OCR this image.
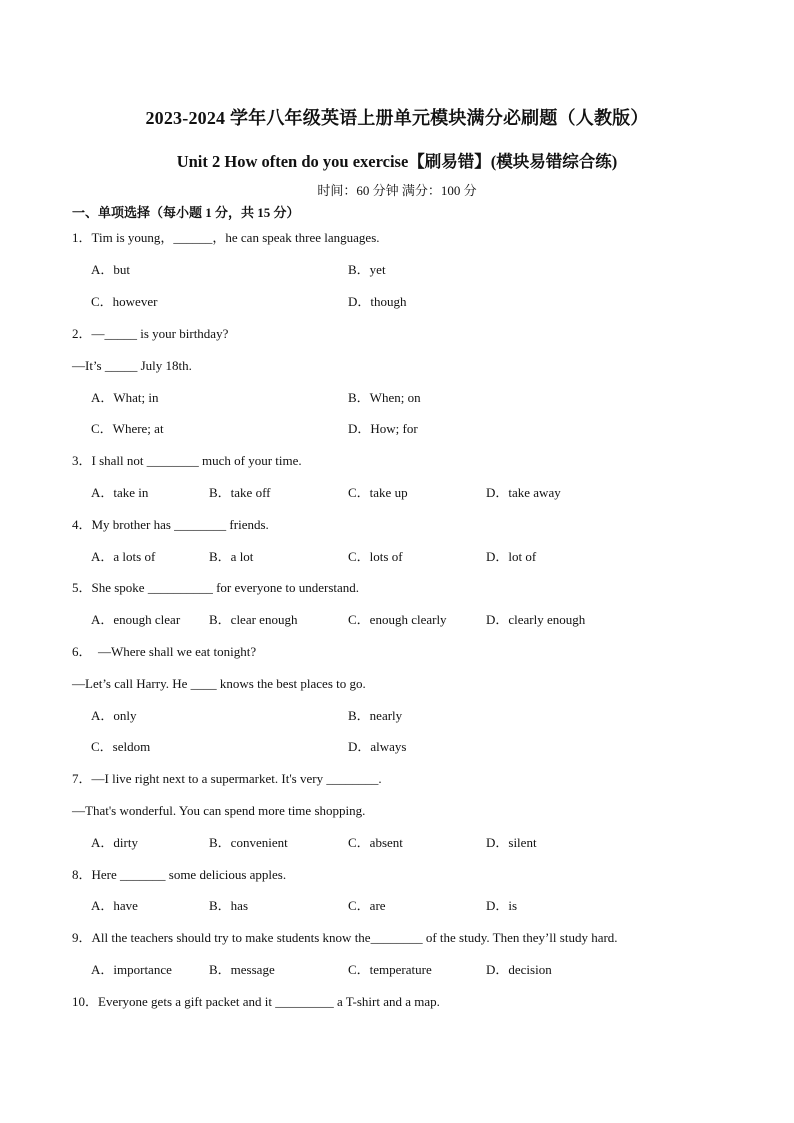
2023-2024 学年八年级英语上册单元模块满分必刷题（人教版）
Unit 2 How often do you exercise【刷易错】(模块易错综合练)
时间：60 分钟 满分：100 分
一、单项选择（每小题 1 分，共 15 分）
1．Tim is young，______，he can speak three languages.
A．but	B．yet
C．however	D．though
2．—_____ is your birthday?
—It’s _____ July 18th.
A．What; in	B．When; on
C．Where; at	D．How; for
3．I shall not ________ much of your time.
A．take in	B．take off	C．take up	D．take away
4．My brother has ________ friends.
A．a lots of	B．a lot	C．lots of	D．lot of
5．She spoke __________ for everyone to understand.
A．enough clear B．clear enough	C．enough clearly	D．clearly enough
6．  —Where shall we eat tonight?
—Let’s call Harry. He ____ knows the best places to go.
A．only	B．nearly
C．seldom	D．always
7．—I live right next to a supermarket. It's very ________.
—That's wonderful. You can spend more time shopping.
A．dirty	B．convenient	C．absent	D．silent
8．Here _______ some delicious apples.
A．have	B．has	C．are	D．is
9．All the teachers should try to make students know the________ of the study. Then they’ll study hard.
A．importance	B．message	C．temperature	D．decision
10．Everyone gets a gift packet and it _________ a T-shirt and a map.
